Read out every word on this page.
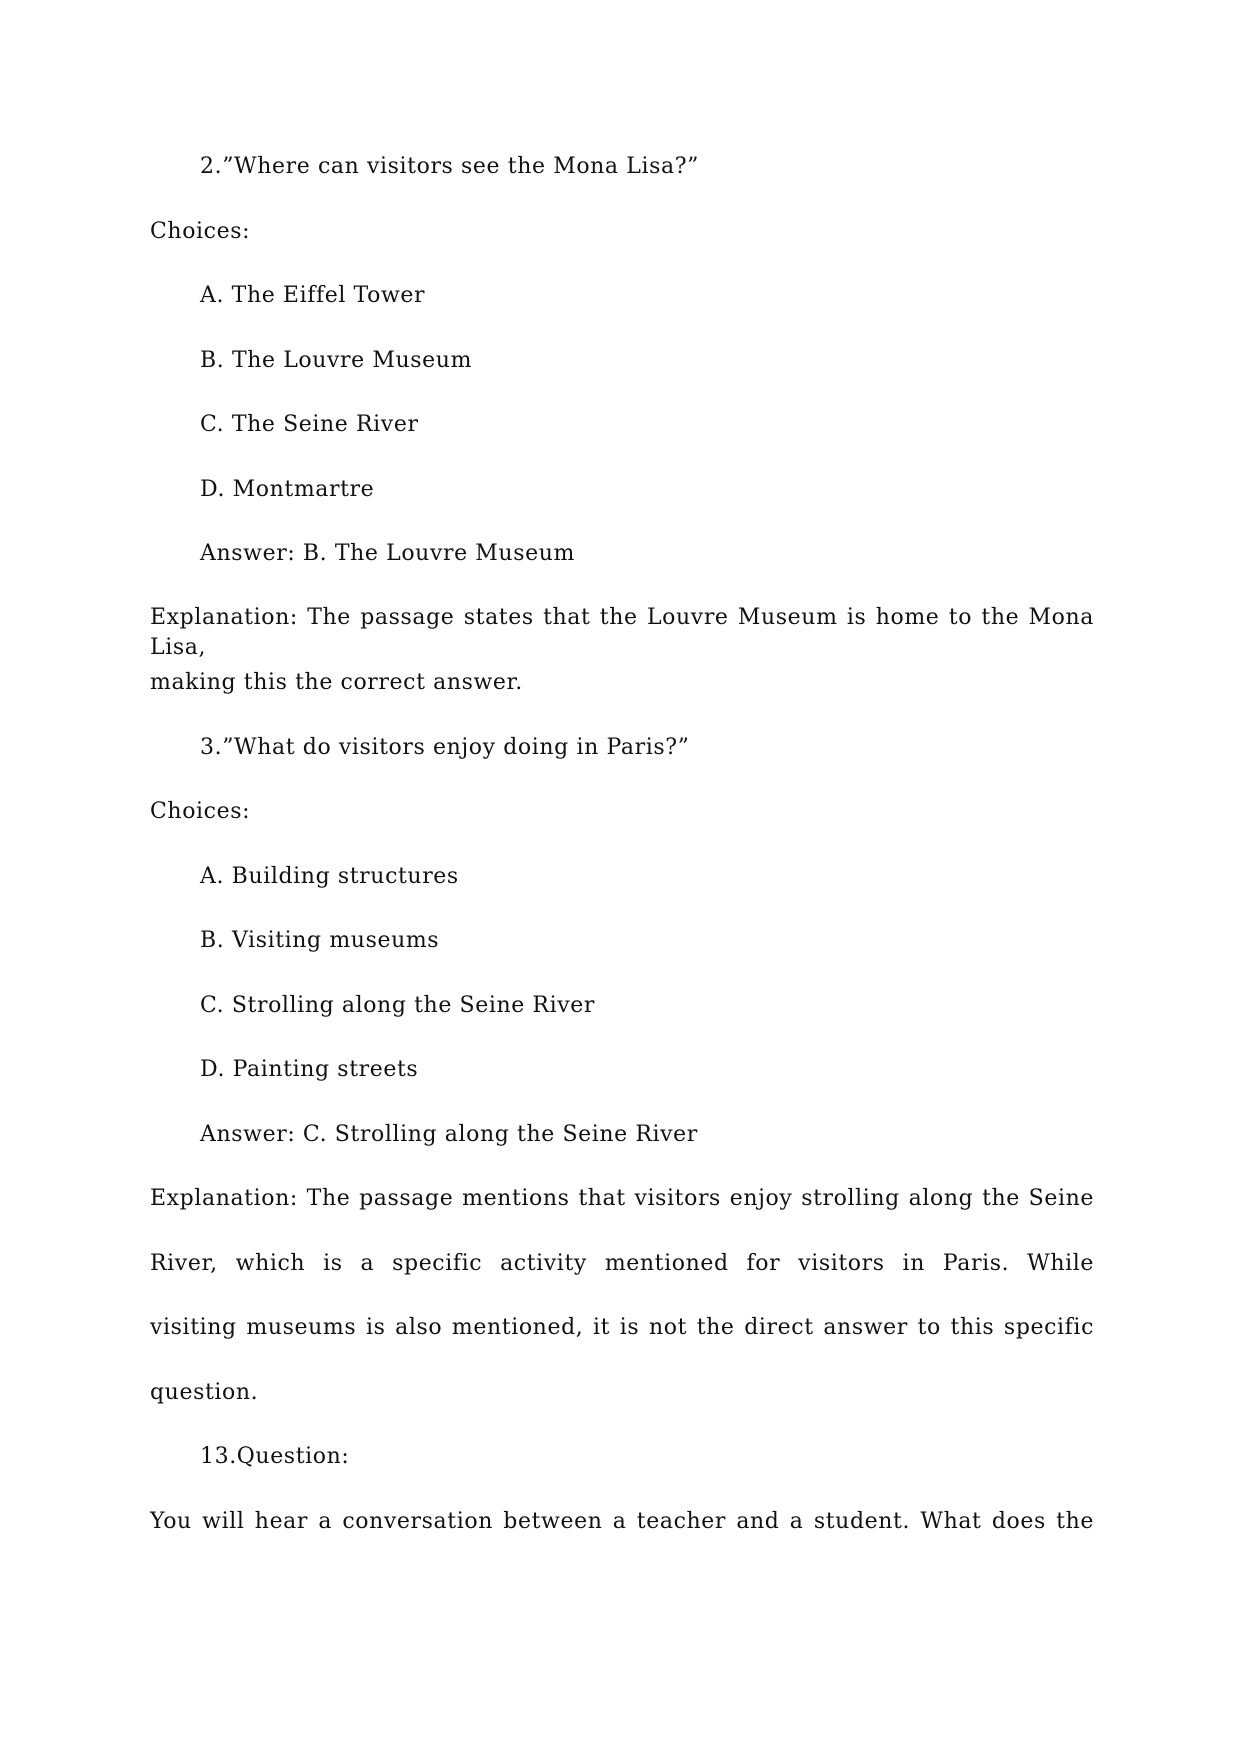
2.”Where can visitors see the Mona Lisa?”
Choices:
A. The Eiffel Tower
B. The Louvre Museum
C. The Seine River
D. Montmartre
Answer: B. The Louvre Museum
Explanation: The passage states that the Louvre Museum is home to the Mona Lisa,
making this the correct answer.
3.”What do visitors enjoy doing in Paris?”
Choices:
A. Building structures
B. Visiting museums
C. Strolling along the Seine River
D. Painting streets
Answer: C. Strolling along the Seine River
Explanation: The passage mentions that visitors enjoy strolling along the Seine
River, which is a specific activity mentioned for visitors in Paris. While
visiting museums is also mentioned, it is not the direct answer to this specific
question.
13.Question:
You will hear a conversation between a teacher and a student. What does the
